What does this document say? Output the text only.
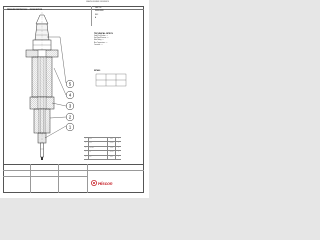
DRAWING NUMBER / REFERENCE
PRESSURE FEEDTHROUGH — CROSS SECTION
PART No.
XXXX-XXXX
REV.
A
TECHNICAL SPECS
Feed-Thru Position : ---
Seal Proof Pressure : ---
Helix Rating : ---
Max. Temperature : ---
Connector : ---
DETAILS
5
4
3
2
1
1	Body	Steel	1
2	Seal	Rubber	1
3	Insulator	Glass	1
4	Pin	Copper	1
5	Nut	Steel	1
Hiscon
